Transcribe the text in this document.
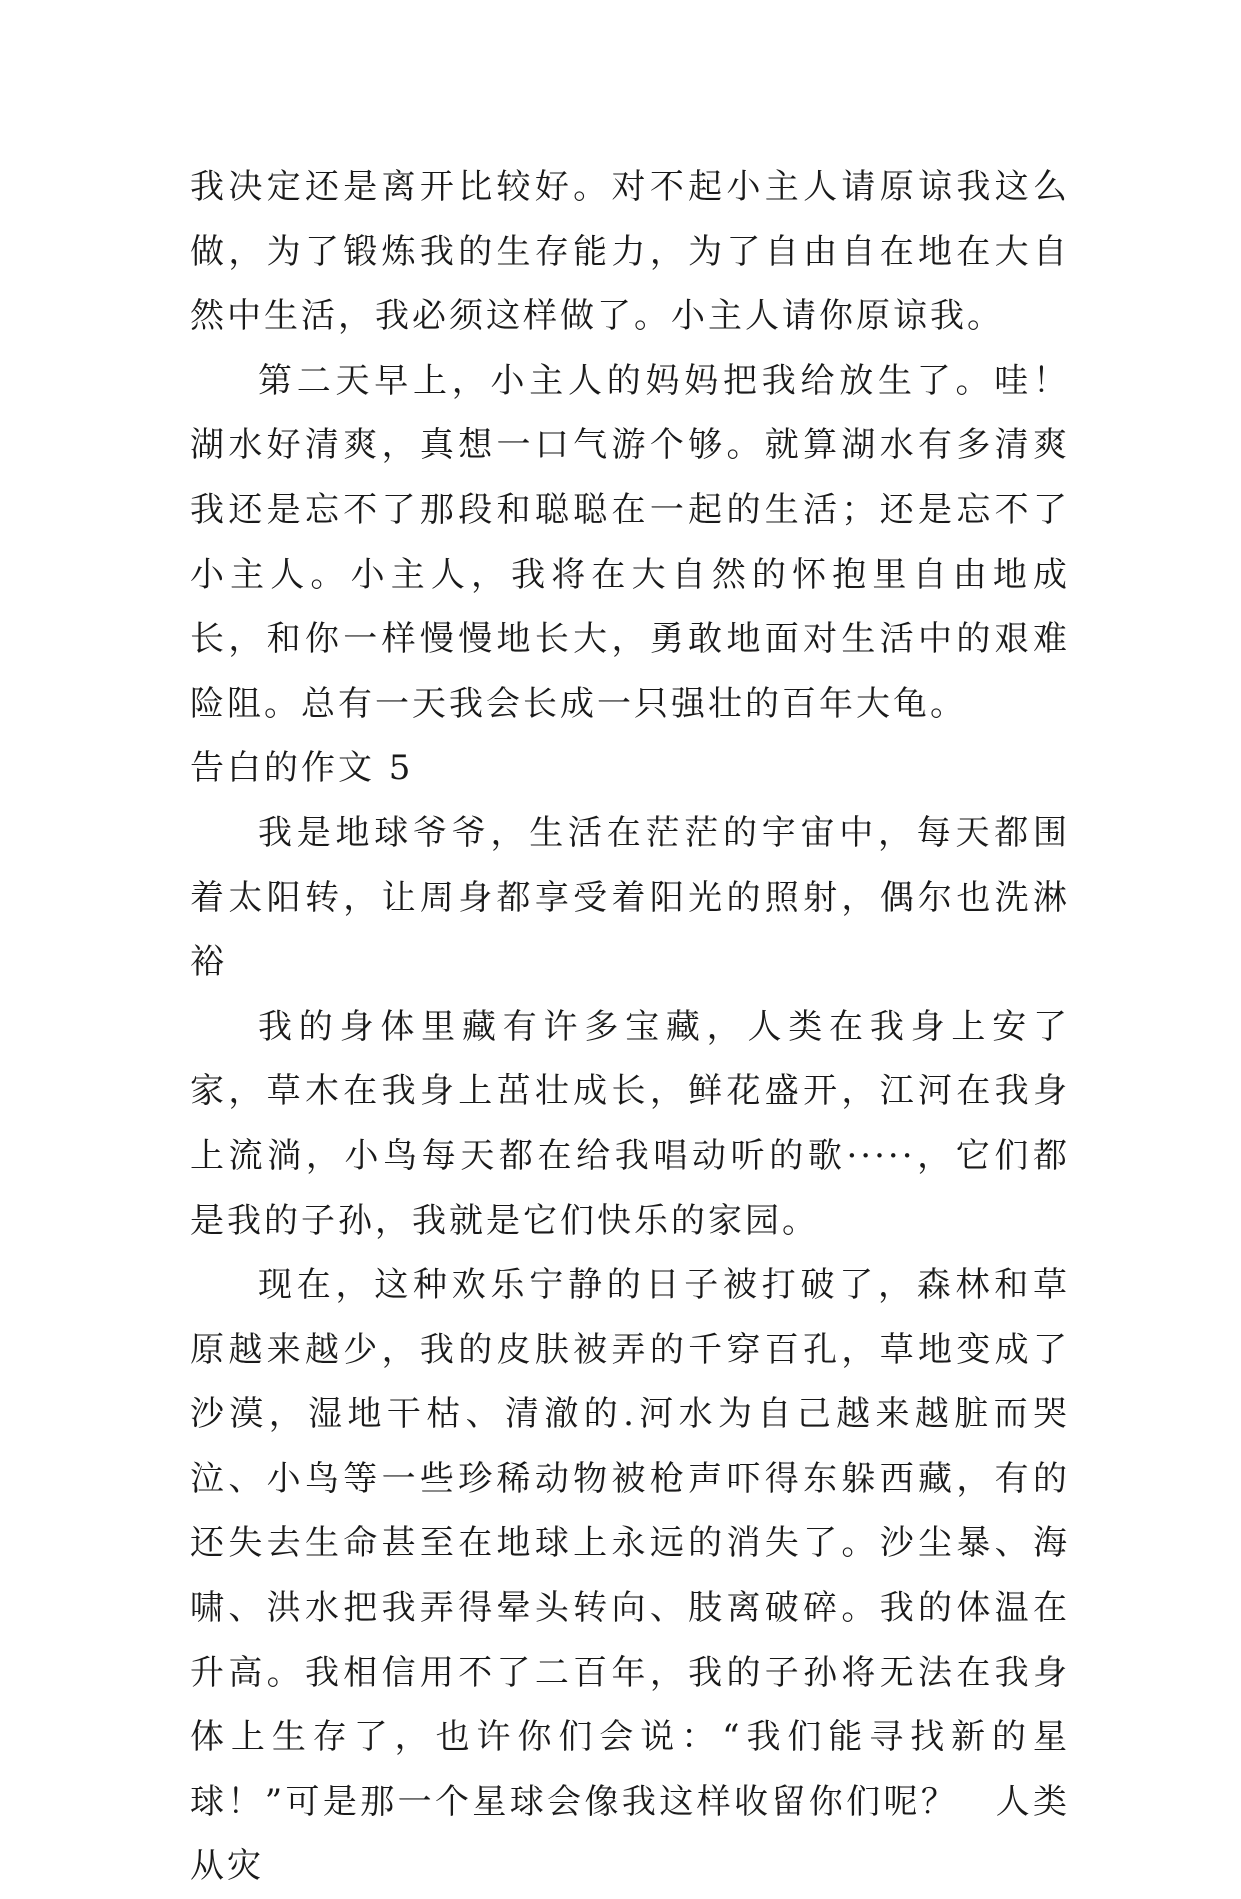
我决定还是离开比较好。对不起小主人请原谅我这么做，为了锻炼我的生存能力，为了自由自在地在大自然中生活，我必须这样做了。小主人请你原谅我。

第二天早上，小主人的妈妈把我给放生了。哇！湖水好清爽，真想一口气游个够。就算湖水有多清爽我还是忘不了那段和聪聪在一起的生活；还是忘不了小主人。小主人，我将在大自然的怀抱里自由地成长，和你一样慢慢地长大，勇敢地面对生活中的艰难险阻。总有一天我会长成一只强壮的百年大龟。

告白的作文 5

我是地球爷爷，生活在茫茫的宇宙中，每天都围着太阳转，让周身都享受着阳光的照射，偶尔也洗淋裕

我的身体里藏有许多宝藏，人类在我身上安了家，草木在我身上茁壮成长，鲜花盛开，江河在我身上流淌，小鸟每天都在给我唱动听的歌·····，它们都是我的子孙，我就是它们快乐的家园。

现在，这种欢乐宁静的日子被打破了，森林和草原越来越少，我的皮肤被弄的千穿百孔，草地变成了沙漠，湿地干枯、清澈的.河水为自己越来越脏而哭泣、小鸟等一些珍稀动物被枪声吓得东躲西藏，有的还失去生命甚至在地球上永远的消失了。沙尘暴、海啸、洪水把我弄得晕头转向、肢离破碎。我的体温在升高。我相信用不了二百年，我的子孙将无法在我身体上生存了，也许你们会说：“我们能寻找新的星球！”可是那一个星球会像我这样收留你们呢？　人类从灾
